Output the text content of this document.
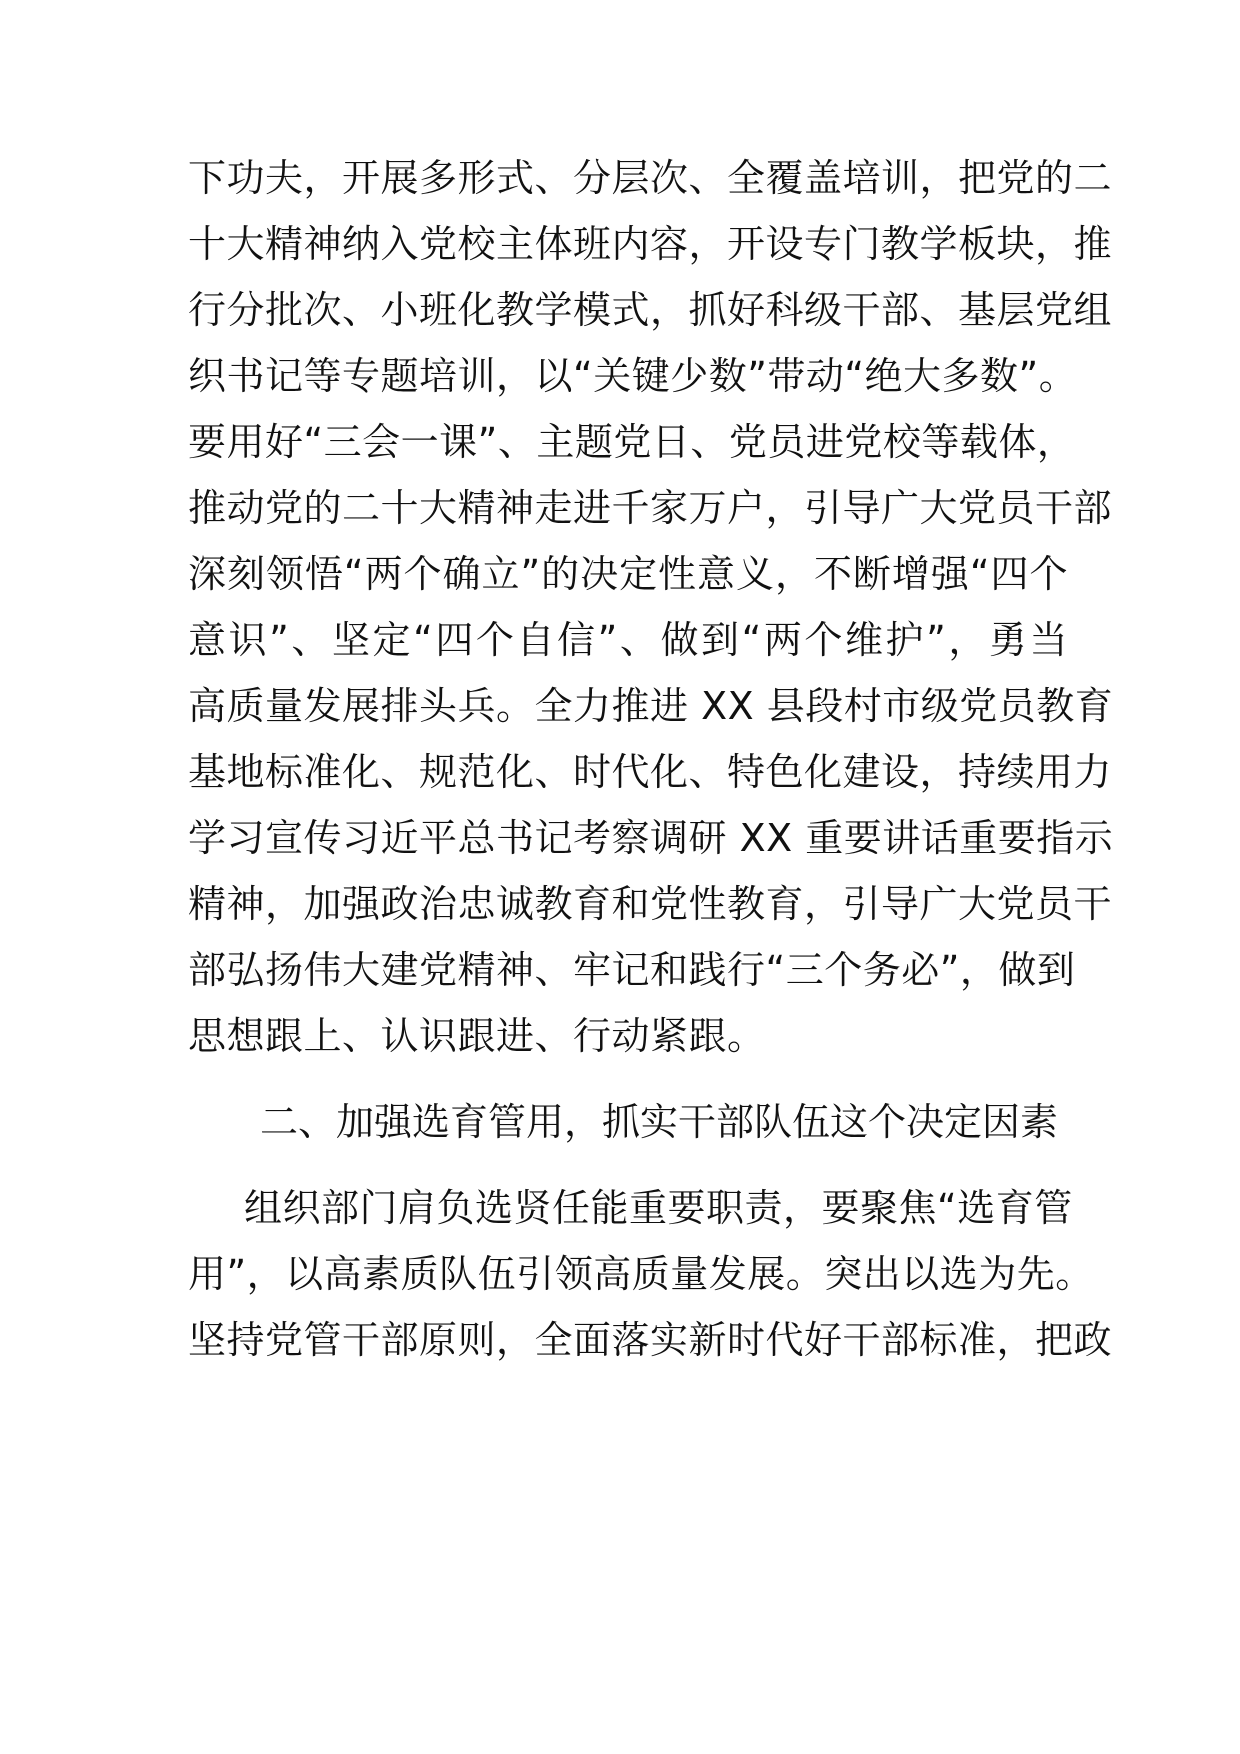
下功夫，开展多形式、分层次、全覆盖培训，把党的二
十大精神纳入党校主体班内容，开设专门教学板块，推
行分批次、小班化教学模式，抓好科级干部、基层党组
织书记等专题培训，以“关键少数”带动“绝大多数”。
要用好“三会一课”、主题党日、党员进党校等载体，
推动党的二十大精神走进千家万户，引导广大党员干部
深刻领悟“两个确立”的决定性意义，不断增强“四个
意识”、坚定“四个自信”、做到“两个维护”，勇当
高质量发展排头兵。全力推进 XX 县段村市级党员教育
基地标准化、规范化、时代化、特色化建设，持续用力
学习宣传习近平总书记考察调研 XX 重要讲话重要指示
精神，加强政治忠诚教育和党性教育，引导广大党员干
部弘扬伟大建党精神、牢记和践行“三个务必”，做到
思想跟上、认识跟进、行动紧跟。
二、加强选育管用，抓实干部队伍这个决定因素
组织部门肩负选贤任能重要职责，要聚焦“选育管
用”，以高素质队伍引领高质量发展。突出以选为先。
坚持党管干部原则，全面落实新时代好干部标准，把政
